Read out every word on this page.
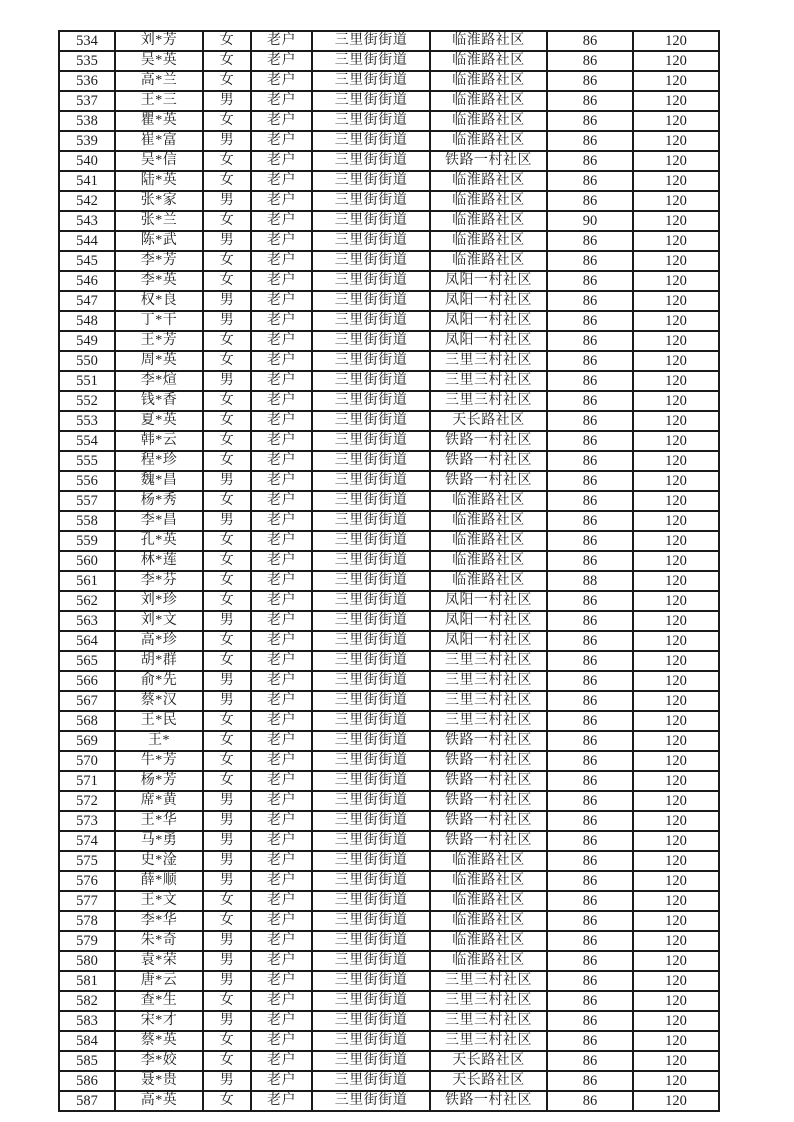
534	刘*芳	女	老户	三里街街道	临淮路社区	86	120
535	吴*英	女	老户	三里街街道	临淮路社区	86	120
536	高*兰	女	老户	三里街街道	临淮路社区	86	120
537	王*三	男	老户	三里街街道	临淮路社区	86	120
538	瞿*英	女	老户	三里街街道	临淮路社区	86	120
539	崔*富	男	老户	三里街街道	临淮路社区	86	120
540	吴*信	女	老户	三里街街道	铁路一村社区	86	120
541	陆*英	女	老户	三里街街道	临淮路社区	86	120
542	张*家	男	老户	三里街街道	临淮路社区	86	120
543	张*兰	女	老户	三里街街道	临淮路社区	90	120
544	陈*武	男	老户	三里街街道	临淮路社区	86	120
545	李*芳	女	老户	三里街街道	临淮路社区	86	120
546	李*英	女	老户	三里街街道	凤阳一村社区	86	120
547	权*良	男	老户	三里街街道	凤阳一村社区	86	120
548	丁*干	男	老户	三里街街道	凤阳一村社区	86	120
549	王*芳	女	老户	三里街街道	凤阳一村社区	86	120
550	周*英	女	老户	三里街街道	三里三村社区	86	120
551	李*煊	男	老户	三里街街道	三里三村社区	86	120
552	钱*香	女	老户	三里街街道	三里三村社区	86	120
553	夏*英	女	老户	三里街街道	天长路社区	86	120
554	韩*云	女	老户	三里街街道	铁路一村社区	86	120
555	程*珍	女	老户	三里街街道	铁路一村社区	86	120
556	魏*昌	男	老户	三里街街道	铁路一村社区	86	120
557	杨*秀	女	老户	三里街街道	临淮路社区	86	120
558	李*昌	男	老户	三里街街道	临淮路社区	86	120
559	孔*英	女	老户	三里街街道	临淮路社区	86	120
560	林*莲	女	老户	三里街街道	临淮路社区	86	120
561	李*芬	女	老户	三里街街道	临淮路社区	88	120
562	刘*珍	女	老户	三里街街道	凤阳一村社区	86	120
563	刘*文	男	老户	三里街街道	凤阳一村社区	86	120
564	高*珍	女	老户	三里街街道	凤阳一村社区	86	120
565	胡*群	女	老户	三里街街道	三里三村社区	86	120
566	俞*先	男	老户	三里街街道	三里三村社区	86	120
567	蔡*汉	男	老户	三里街街道	三里三村社区	86	120
568	王*民	女	老户	三里街街道	三里三村社区	86	120
569	王*	女	老户	三里街街道	铁路一村社区	86	120
570	牛*芳	女	老户	三里街街道	铁路一村社区	86	120
571	杨*芳	女	老户	三里街街道	铁路一村社区	86	120
572	席*黄	男	老户	三里街街道	铁路一村社区	86	120
573	王*华	男	老户	三里街街道	铁路一村社区	86	120
574	马*勇	男	老户	三里街街道	铁路一村社区	86	120
575	史*淦	男	老户	三里街街道	临淮路社区	86	120
576	薛*顺	男	老户	三里街街道	临淮路社区	86	120
577	王*文	女	老户	三里街街道	临淮路社区	86	120
578	李*华	女	老户	三里街街道	临淮路社区	86	120
579	朱*奇	男	老户	三里街街道	临淮路社区	86	120
580	袁*荣	男	老户	三里街街道	临淮路社区	86	120
581	唐*云	男	老户	三里街街道	三里三村社区	86	120
582	查*生	女	老户	三里街街道	三里三村社区	86	120
583	宋*才	男	老户	三里街街道	三里三村社区	86	120
584	蔡*英	女	老户	三里街街道	三里三村社区	86	120
585	李*姣	女	老户	三里街街道	天长路社区	86	120
586	聂*贵	男	老户	三里街街道	天长路社区	86	120
587	高*英	女	老户	三里街街道	铁路一村社区	86	120
